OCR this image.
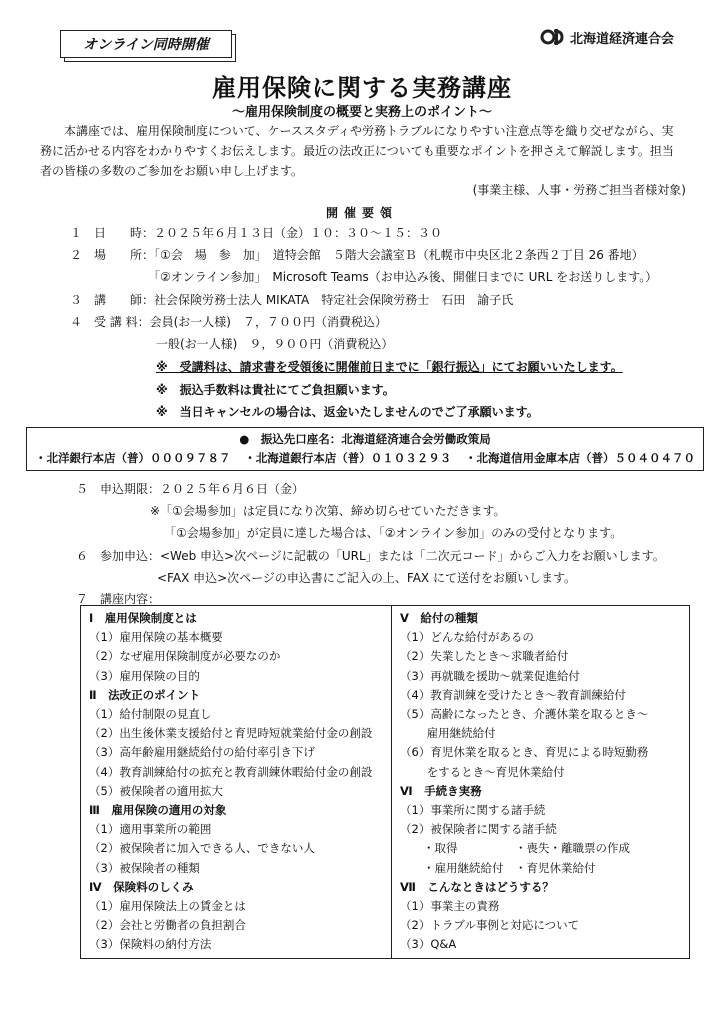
オンライン同時開催	北海道経済連合会
雇用保険に関する実務講座
～雇用保険制度の概要と実務上のポイント～
本講座では、雇用保険制度について、ケーススタディや労務トラブルになりやすい注意点等を織り交ぜながら、実務に活かせる内容をわかりやすくお伝えします。最近の法改正についても重要なポイントを押さえて解説します。担当者の皆様の多数のご参加をお願い申し上げます。
(事業主様、人事・労務ご担当者様対象)
開催要領
１　日　　時：２０２５年６月１３日（金）１０：３０～１５：３０
２　場　　所：「①会　場　参　加」　道特会館　５階大会議室Ｂ（札幌市中央区北２条西２丁目 26 番地）
「②オンライン参加」　Microsoft Teams（お申込み後、開催日までに URL をお送りします。）
３　講　　師：社会保険労務士法人 MIKATA　特定社会保険労務士　石田　諭子氏
４　受 講 料：会員(お一人様)　７，７００円（消費税込）
一般(お一人様)　９，９００円（消費税込）
※　受講料は、請求書を受領後に開催前日までに「銀行振込」にてお願いいたします。
※　振込手数料は貴社にてご負担願います。
※　当日キャンセルの場合は、返金いたしませんのでご了承願います。
●　振込先口座名：北海道経済連合会労働政策局
・北洋銀行本店（普）０００９７８７ ・北海道銀行本店（普）０１０３２９３ ・北海道信用金庫本店（普）５０４０４７０
５　申込期限：２０２５年６月６日（金）
※「①会場参加」は定員になり次第、締め切らせていただきます。
「①会場参加」が定員に達した場合は、「②オンライン参加」のみの受付となります。
６　参加申込：<Web 申込>次ページに記載の「URL」または「二次元コード」からご入力をお願いします。
<FAX 申込>次ページの申込書にご記入の上、FAX にて送付をお願いします。
７　講座内容：
Ⅰ　雇用保険制度とは
（1）雇用保険の基本概要
（2）なぜ雇用保険制度が必要なのか
（3）雇用保険の目的
Ⅱ　法改正のポイント
（1）給付制限の見直し
（2）出生後休業支援給付と育児時短就業給付金の創設
（3）高年齢雇用継続給付の給付率引き下げ
（4）教育訓練給付の拡充と教育訓練休暇給付金の創設
（5）被保険者の適用拡大
Ⅲ　雇用保険の適用の対象
（1）適用事業所の範囲
（2）被保険者に加入できる人、できない人
（3）被保険者の種類
Ⅳ　保険料のしくみ
（1）雇用保険法上の賃金とは
（2）会社と労働者の負担割合
（3）保険料の納付方法
Ⅴ　給付の種類
（1）どんな給付があるの
（2）失業したとき～求職者給付
（3）再就職を援助～就業促進給付
（4）教育訓練を受けたとき～教育訓練給付
（5）高齢になったとき、介護休業を取るとき～
　　 雇用継続給付
（6）育児休業を取るとき、育児による時短勤務
　　 をするとき～育児休業給付
Ⅵ　手続き実務
（1）事業所に関する諸手続
（2）被保険者に関する諸手続
　　・取得　　　　　・喪失・離職票の作成
　　・雇用継続給付　・育児休業給付
Ⅶ　こんなときはどうする？
（1）事業主の責務
（2）トラブル事例と対応について
（3）Q&A
